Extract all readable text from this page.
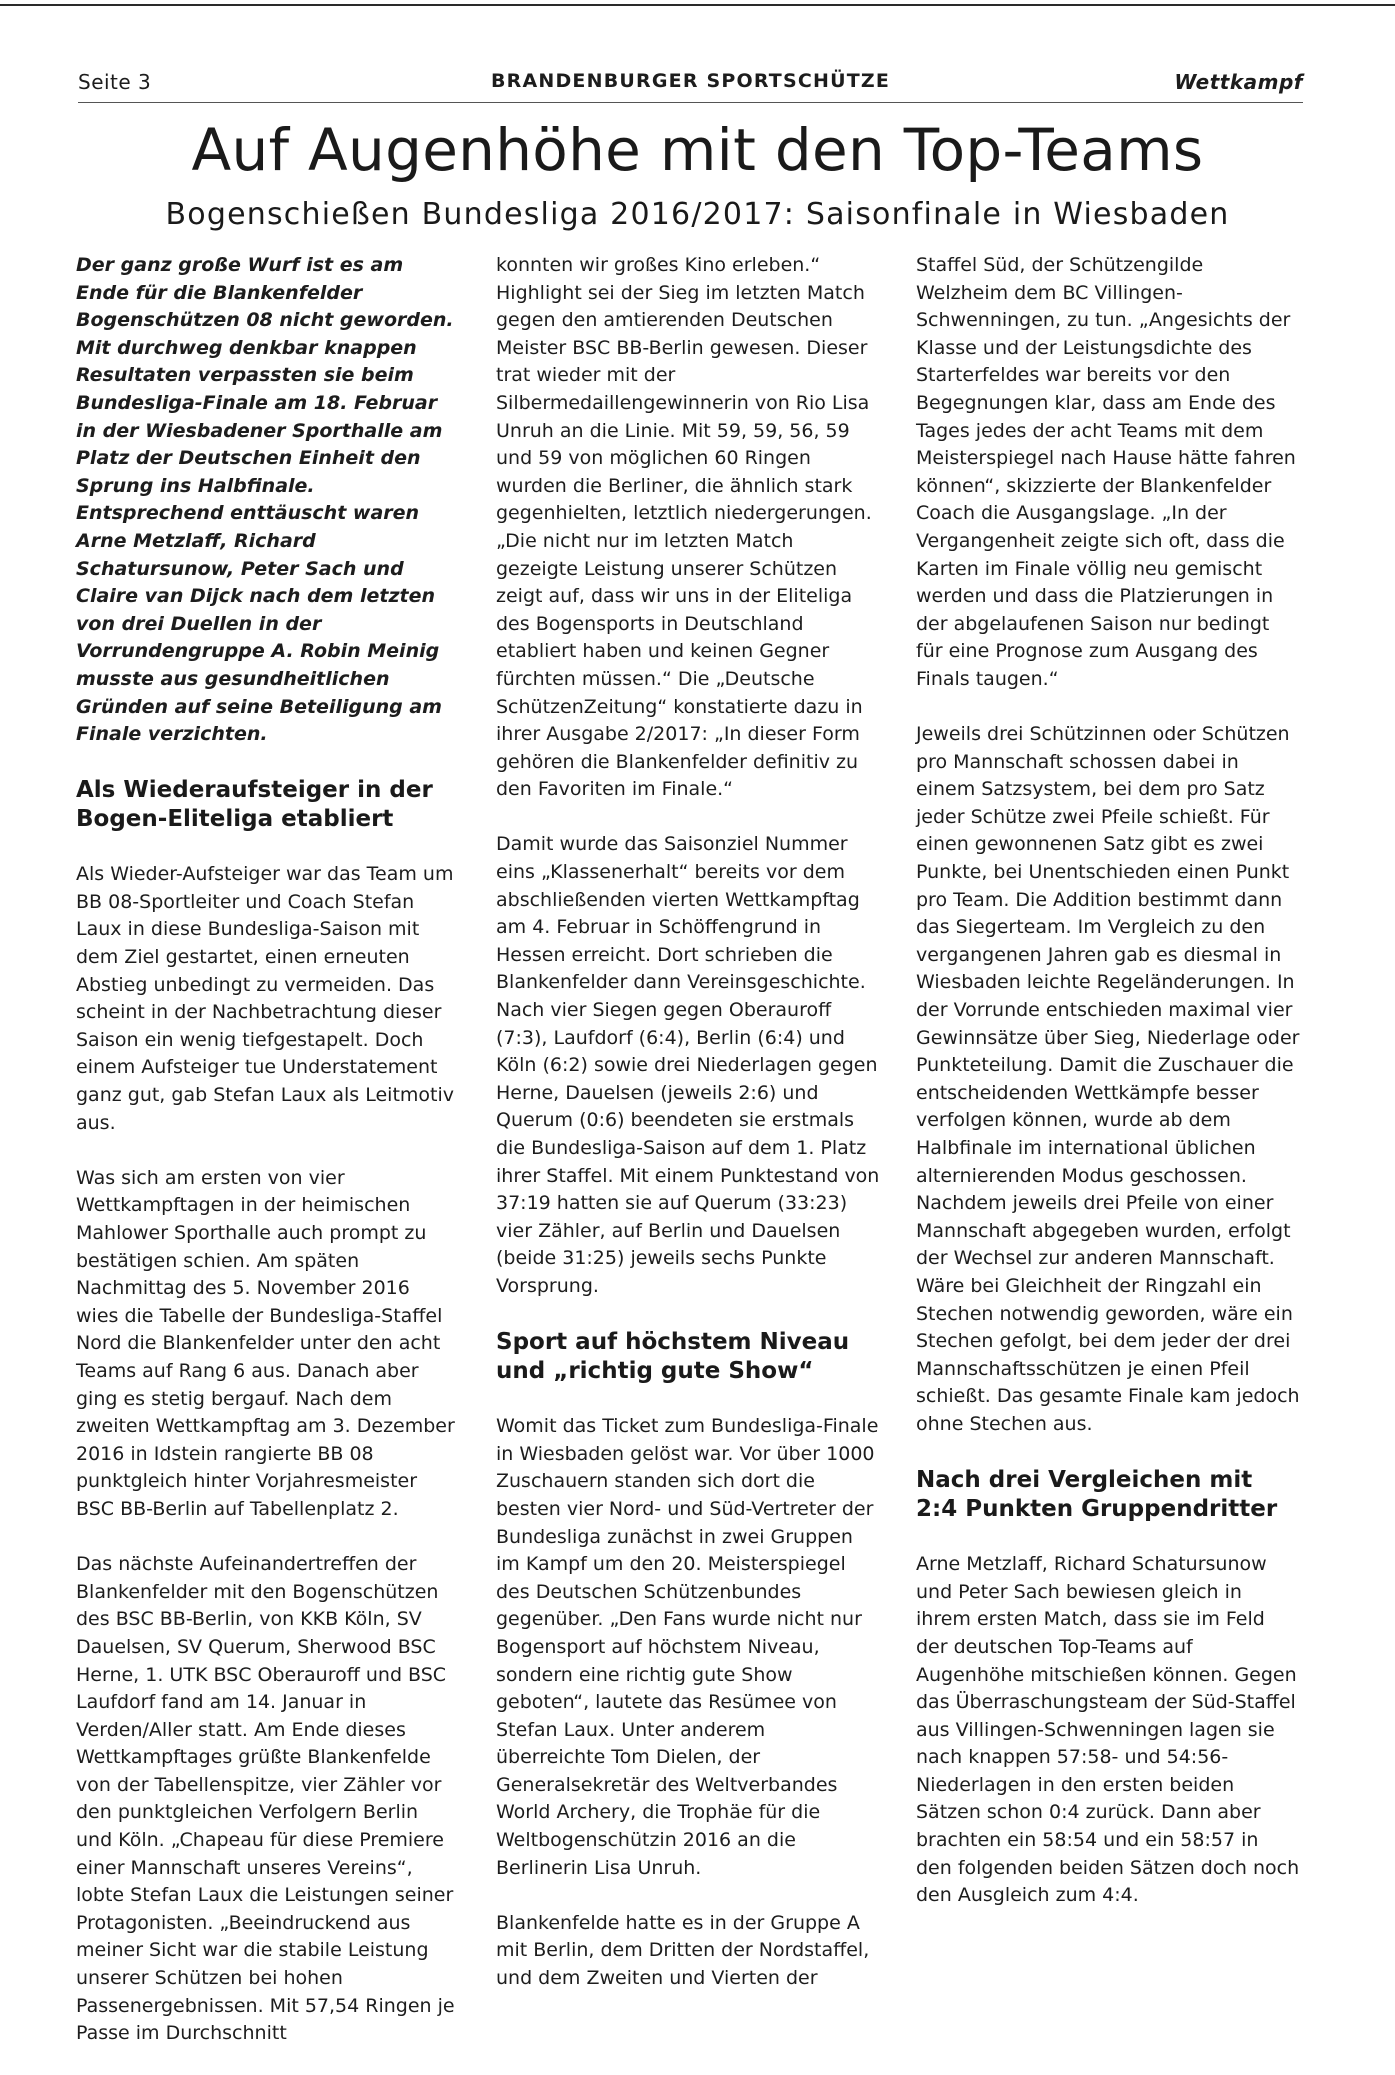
Seite 3	BRANDENBURGER SPORTSCHÜTZE	Wettkampf
Auf Augenhöhe mit den Top-Teams
Bogenschießen Bundesliga 2016/2017: Saisonfinale in Wiesbaden

Der ganz große Wurf ist es am Ende für die Blankenfelder Bogenschützen 08 nicht geworden. Mit durchweg denkbar knappen Resultaten verpassten sie beim Bundesliga-Finale am 18. Februar in der Wiesbadener Sporthalle am Platz der Deutschen Einheit den Sprung ins Halbfinale. Entsprechend enttäuscht waren Arne Metzlaff, Richard Schatursunow, Peter Sach und Claire van Dijck nach dem letzten von drei Duellen in der Vorrundengruppe A. Robin Meinig musste aus gesundheitlichen Gründen auf seine Beteiligung am Finale verzichten.

Als Wiederaufsteiger in der Bogen-Eliteliga etabliert

Als Wieder-Aufsteiger war das Team um BB 08-Sportleiter und Coach Stefan Laux in diese Bundesliga-Saison mit dem Ziel gestartet, einen erneuten Abstieg unbedingt zu vermeiden. Das scheint in der Nachbetrachtung dieser Saison ein wenig tiefgestapelt. Doch einem Aufsteiger tue Understatement ganz gut, gab Stefan Laux als Leitmotiv aus.

Was sich am ersten von vier Wettkampftagen in der heimischen Mahlower Sporthalle auch prompt zu bestätigen schien. Am späten Nachmittag des 5. November 2016 wies die Tabelle der Bundesliga-Staffel Nord die Blankenfelder unter den acht Teams auf Rang 6 aus. Danach aber ging es stetig bergauf. Nach dem zweiten Wettkampftag am 3. Dezember 2016 in Idstein rangierte BB 08 punktgleich hinter Vorjahresmeister BSC BB-Berlin auf Tabellenplatz 2.

Das nächste Aufeinandertreffen der Blankenfelder mit den Bogenschützen des BSC BB-Berlin, von KKB Köln, SV Dauelsen, SV Querum, Sherwood BSC Herne, 1. UTK BSC Oberauroff und BSC Laufdorf fand am 14. Januar in Verden/Aller statt. Am Ende dieses Wettkampftages grüßte Blankenfelde von der Tabellenspitze, vier Zähler vor den punktgleichen Verfolgern Berlin und Köln. „Chapeau für diese Premiere einer Mannschaft unseres Vereins“, lobte Stefan Laux die Leistungen seiner Protagonisten. „Beeindruckend aus meiner Sicht war die stabile Leistung unserer Schützen bei hohen Passenergebnissen. Mit 57,54 Ringen je Passe im Durchschnitt

konnten wir großes Kino erleben.“ Highlight sei der Sieg im letzten Match gegen den amtierenden Deutschen Meister BSC BB-Berlin gewesen. Dieser trat wieder mit der Silbermedaillengewinnerin von Rio Lisa Unruh an die Linie. Mit 59, 59, 56, 59 und 59 von möglichen 60 Ringen wurden die Berliner, die ähnlich stark gegenhielten, letztlich niedergerungen. „Die nicht nur im letzten Match gezeigte Leistung unserer Schützen zeigt auf, dass wir uns in der Eliteliga des Bogensports in Deutschland etabliert haben und keinen Gegner fürchten müssen.“ Die „Deutsche SchützenZeitung“ konstatierte dazu in ihrer Ausgabe 2/2017: „In dieser Form gehören die Blankenfelder definitiv zu den Favoriten im Finale.“

Damit wurde das Saisonziel Nummer eins „Klassenerhalt“ bereits vor dem abschließenden vierten Wettkampftag am 4. Februar in Schöffengrund in Hessen erreicht. Dort schrieben die Blankenfelder dann Vereinsgeschichte. Nach vier Siegen gegen Oberauroff (7:3), Laufdorf (6:4), Berlin (6:4) und Köln (6:2) sowie drei Niederlagen gegen Herne, Dauelsen (jeweils 2:6) und Querum (0:6) beendeten sie erstmals die Bundesliga-Saison auf dem 1. Platz ihrer Staffel. Mit einem Punktestand von 37:19 hatten sie auf Querum (33:23) vier Zähler, auf Berlin und Dauelsen (beide 31:25) jeweils sechs Punkte Vorsprung.

Sport auf höchstem Niveau und „richtig gute Show“

Womit das Ticket zum Bundesliga-Finale in Wiesbaden gelöst war. Vor über 1000 Zuschauern standen sich dort die besten vier Nord- und Süd-Vertreter der Bundesliga zunächst in zwei Gruppen im Kampf um den 20. Meisterspiegel des Deutschen Schützenbundes gegenüber. „Den Fans wurde nicht nur Bogensport auf höchstem Niveau, sondern eine richtig gute Show geboten“, lautete das Resümee von Stefan Laux. Unter anderem überreichte Tom Dielen, der Generalsekretär des Weltverbandes World Archery, die Trophäe für die Weltbogenschützin 2016 an die Berlinerin Lisa Unruh.

Blankenfelde hatte es in der Gruppe A mit Berlin, dem Dritten der Nordstaffel, und dem Zweiten und Vierten der

Staffel Süd, der Schützengilde Welzheim dem BC Villingen-Schwenningen, zu tun. „Angesichts der Klasse und der Leistungsdichte des Starterfeldes war bereits vor den Begegnungen klar, dass am Ende des Tages jedes der acht Teams mit dem Meisterspiegel nach Hause hätte fahren können“, skizzierte der Blankenfelder Coach die Ausgangslage. „In der Vergangenheit zeigte sich oft, dass die Karten im Finale völlig neu gemischt werden und dass die Platzierungen in der abgelaufenen Saison nur bedingt für eine Prognose zum Ausgang des Finals taugen.“

Jeweils drei Schützinnen oder Schützen pro Mannschaft schossen dabei in einem Satzsystem, bei dem pro Satz jeder Schütze zwei Pfeile schießt. Für einen gewonnenen Satz gibt es zwei Punkte, bei Unentschieden einen Punkt pro Team. Die Addition bestimmt dann das Siegerteam. Im Vergleich zu den vergangenen Jahren gab es diesmal in Wiesbaden leichte Regeländerungen. In der Vorrunde entschieden maximal vier Gewinnsätze über Sieg, Niederlage oder Punkteteilung. Damit die Zuschauer die entscheidenden Wettkämpfe besser verfolgen können, wurde ab dem Halbfinale im international üblichen alternierenden Modus geschossen. Nachdem jeweils drei Pfeile von einer Mannschaft abgegeben wurden, erfolgt der Wechsel zur anderen Mannschaft. Wäre bei Gleichheit der Ringzahl ein Stechen notwendig geworden, wäre ein Stechen gefolgt, bei dem jeder der drei Mannschaftsschützen je einen Pfeil schießt. Das gesamte Finale kam jedoch ohne Stechen aus.

Nach drei Vergleichen mit 2:4 Punkten Gruppendritter

Arne Metzlaff, Richard Schatursunow und Peter Sach bewiesen gleich in ihrem ersten Match, dass sie im Feld der deutschen Top-Teams auf Augenhöhe mitschießen können. Gegen das Überraschungsteam der Süd-Staffel aus Villingen-Schwenningen lagen sie nach knappen 57:58- und 54:56-Niederlagen in den ersten beiden Sätzen schon 0:4 zurück. Dann aber brachten ein 58:54 und ein 58:57 in den folgenden beiden Sätzen doch noch den Ausgleich zum 4:4.
